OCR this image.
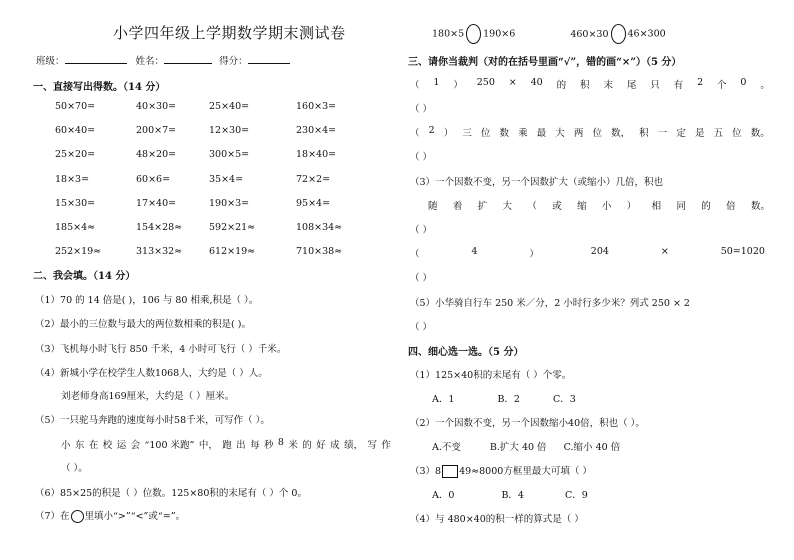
小学四年级上学期数学期末测试卷
班级：	姓名：	得分：
一、直接写出得数。（14 分）
50×70=	40×30=	25×40=	160×3=
60×40=	200×7=	12×30=	230×4=
25×20=	48×20=	300×5=	18×40=
18×3=	60×6=	35×4=	72×2=
15×30=	17×40=	190×3=	95×4=
185×4≈	154×28≈	592×21≈	108×34≈
252×19≈	313×32≈	612×19≈	710×38≈
二、我会填。（14 分）
（1）70 的 14 倍是( )，106 与 80 相乘,积是（ ）。
（2）最小的三位数与最大的两位数相乘的积是( )。
（3）飞机每小时飞行 850 千米，4 小时可飞行（ ）千米。
（4）新城小学在校学生人数1068人，大约是（ ）人。
刘老师身高169厘米，大约是（ ）厘米。
（5）一只驼马奔跑的速度每小时58千米，可写作（ ）。
小 东 在 校 运 会 “100 米跑” 中， 跑 出 每 秒 8 米 的 好 成 绩， 写 作
（ ）。
（6）85×25的积是（ ）位数。125×80积的末尾有（ ）个 0。
（7）在 里填小“>”“<”或“=”。
180×5 190×6	460×30 46×300
三、请你当裁判（对的在括号里画“√”，错的画“×”）（5 分）
（ 1 ） 250 × 40 的 积 末 尾 只 有 2 个 0 。
（ ）
（ 2 ） 三 位 数 乘 最 大 两 位 数， 积 一 定 是 五 位 数。
（ ）
（3）一个因数不变，另一个因数扩大（或缩小）几倍，积也
随 着 扩 大 （ 或 缩 小 ） 相 同 的 倍 数。
（ ）
（	4	）	204	×	50=1020
（ ）
（5）小华骑自行车 250 米／分，2 小时行多少米？列式 250 × 2
（ ）
四、细心选一选。（5 分）
（1）125×40积的末尾有（ ）个零。
A．1	B．2	C．3
（2）一个因数不变，另一个因数缩小40倍，积也（ ）。
A.不变	B.扩大 40 倍 C.缩小 40 倍
（3）8 49≈8000方框里最大可填（ ）
A．0	B．4	C．9
（4）与 480×40的积一样的算式是（ ）
